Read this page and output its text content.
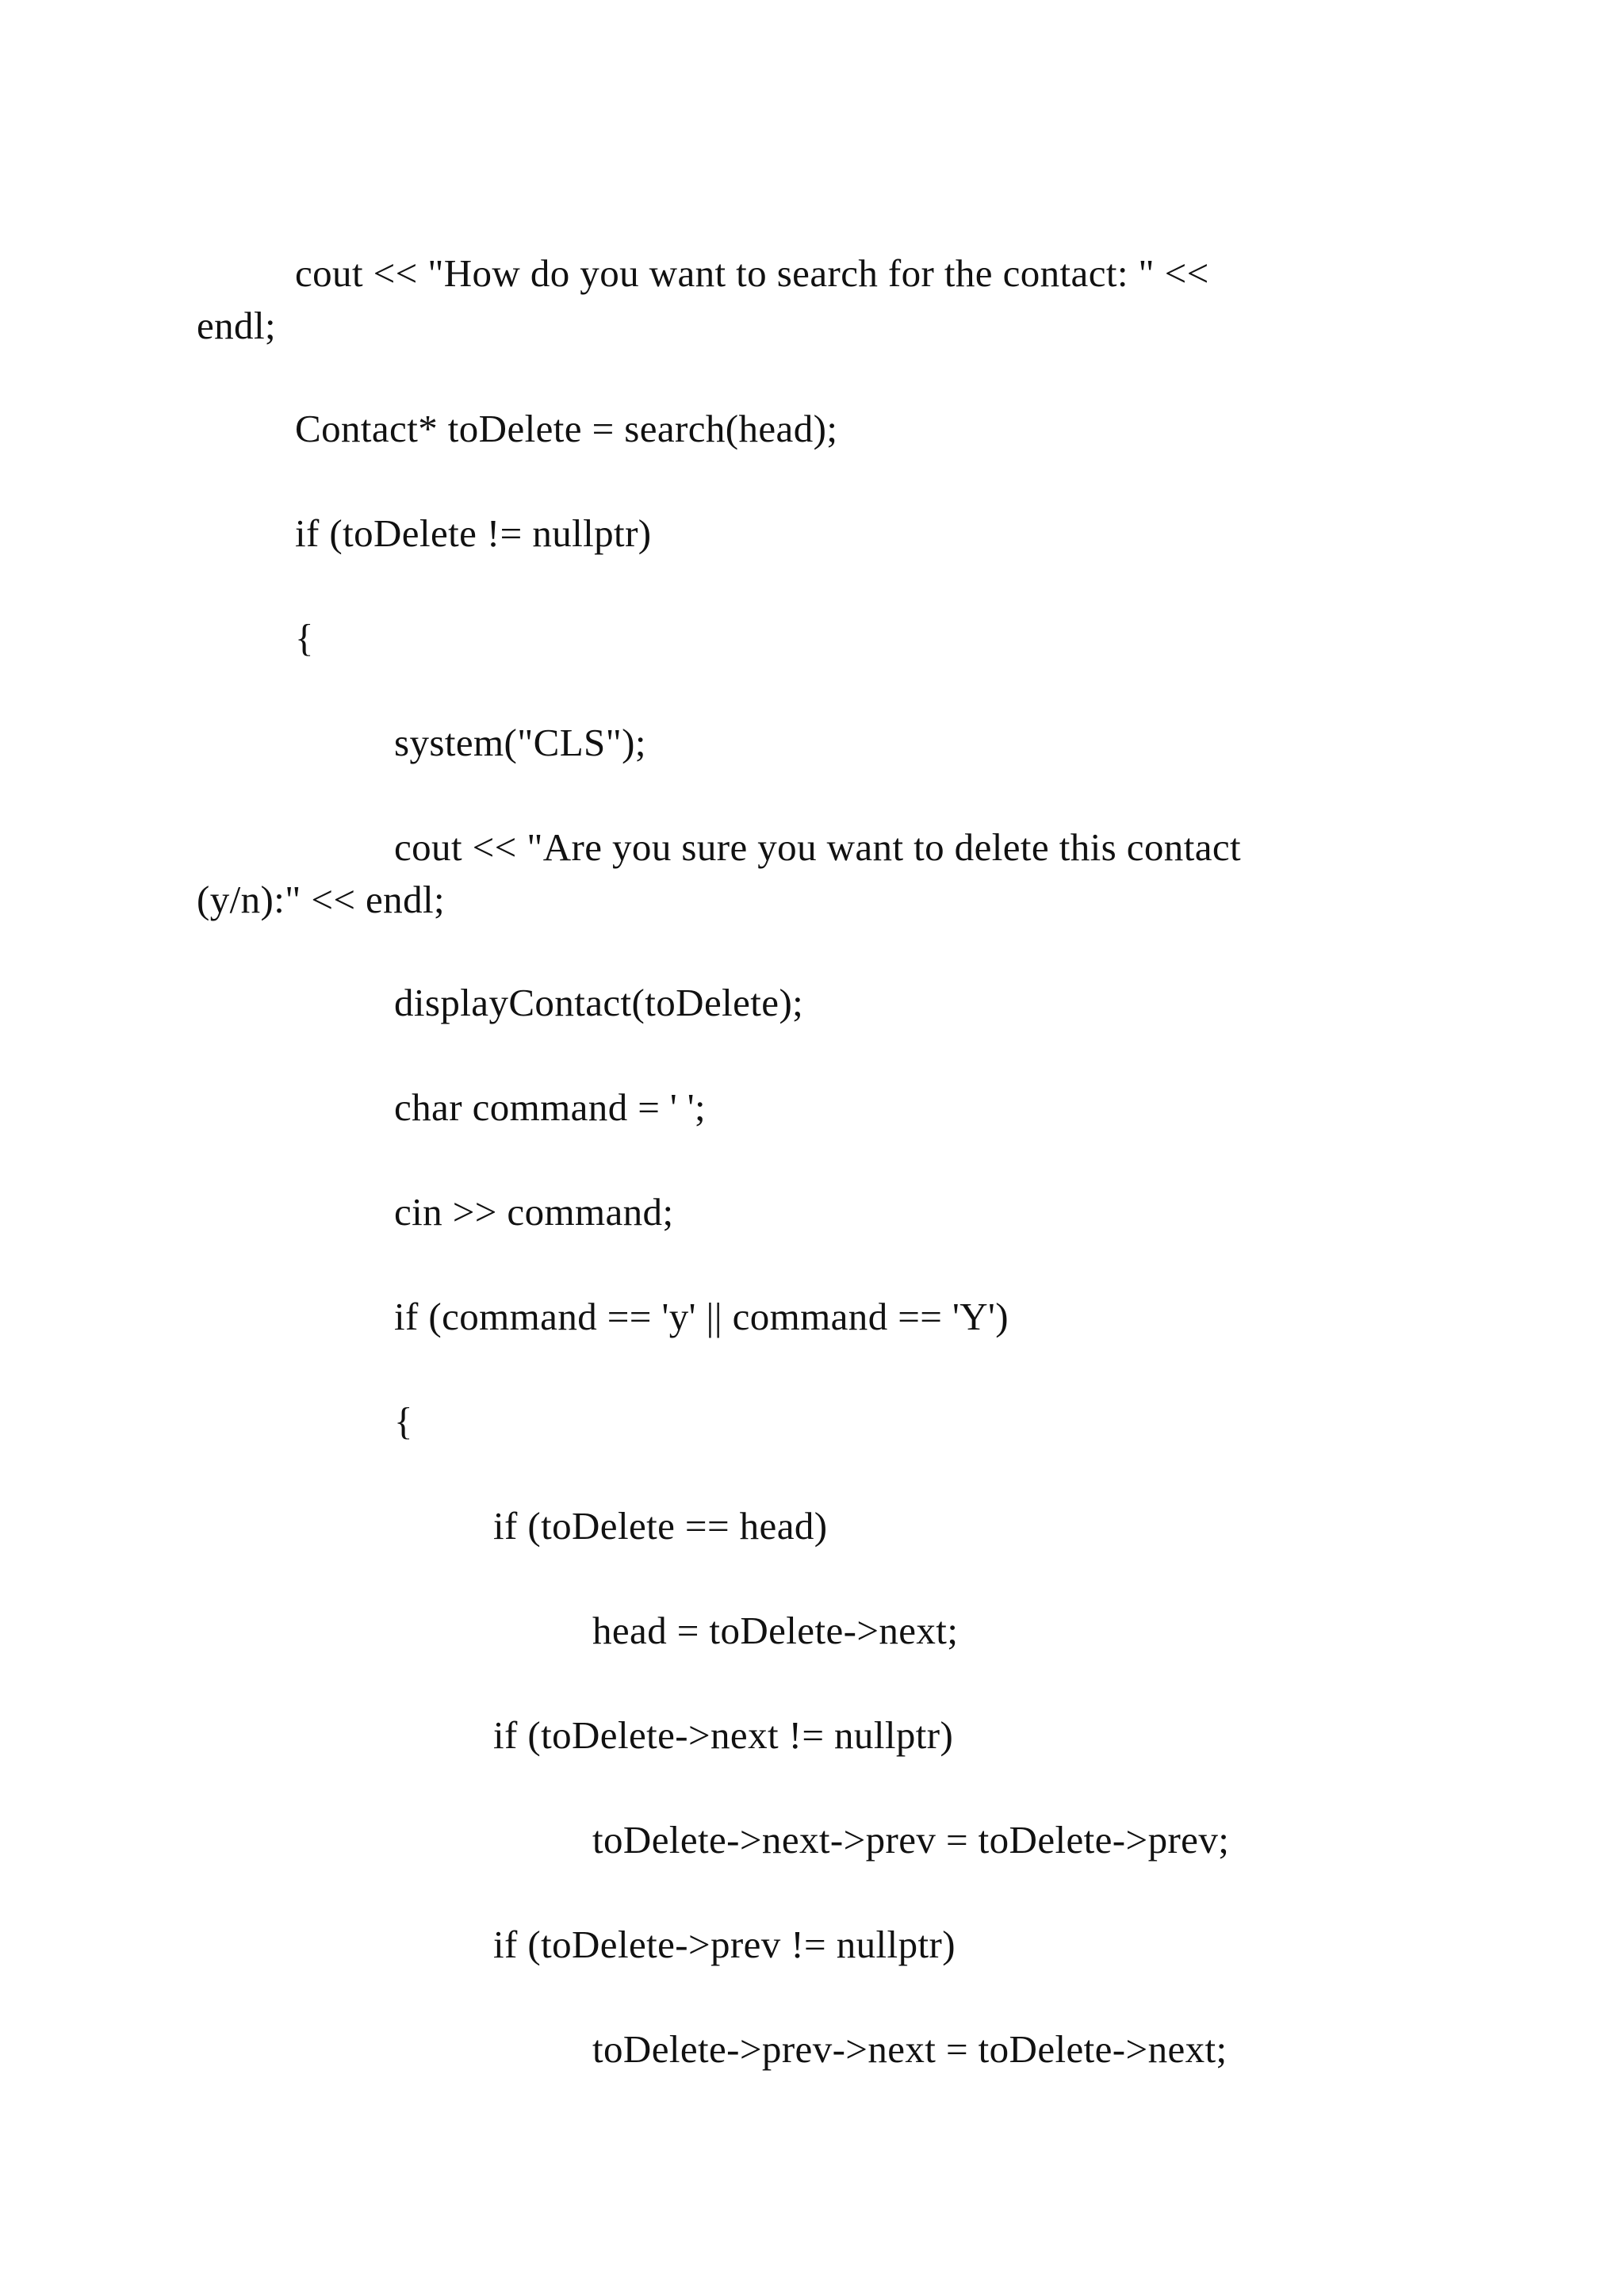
cout << "How do you want to search for the contact: " <<

endl;

Contact* toDelete = search(head);

if (toDelete != nullptr)

{

system("CLS");

cout << "Are you sure you want to delete this contact

(y/n):" << endl;

displayContact(toDelete);

char command = ' ';

cin >> command;

if (command == 'y' || command == 'Y')

{

if (toDelete == head)

head = toDelete->next;

if (toDelete->next != nullptr)

toDelete->next->prev = toDelete->prev;

if (toDelete->prev != nullptr)

toDelete->prev->next = toDelete->next;
